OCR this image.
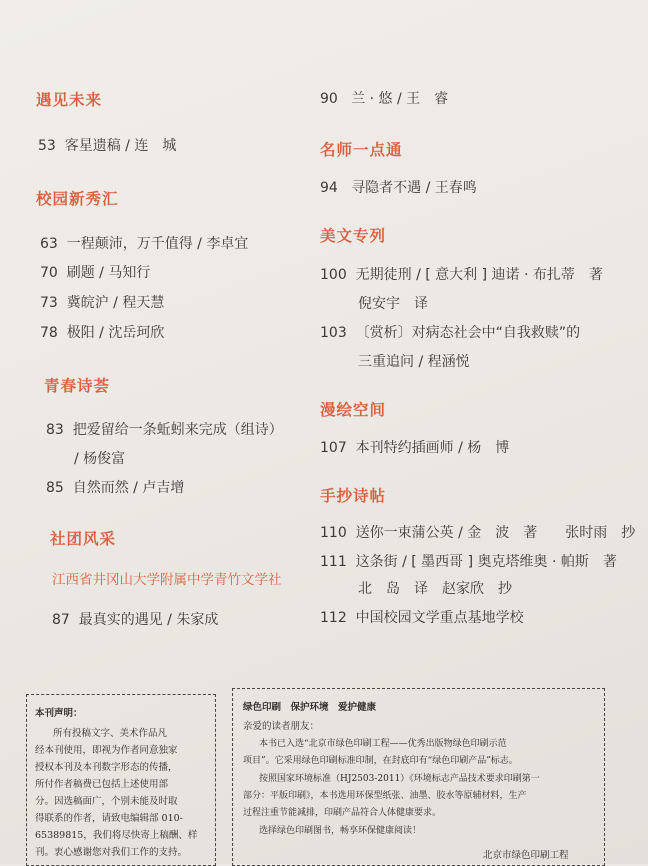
遇见未来
53 客星遗稿 / 连　城
校园新秀汇
63 一程颠沛，万千值得 / 李卓宜
70 刷题 / 马知行
73 冀皖沪 / 程天慧
78 极阳 / 沈岳珂欣
青春诗荟
83 把爱留给一条蚯蚓来完成（组诗）
/ 杨俊富
85 自然而然 / 卢吉增
社团风采
江西省井冈山大学附属中学青竹文学社
87 最真实的遇见 / 朱家成
90 兰 · 悠 / 王　睿
名师一点通
94 寻隐者不遇 / 王春鸣
美文专列
100 无期徒刑 / [ 意大利 ] 迪诺 · 布扎蒂　著
倪安宇　译
103 〔赏析〕对病态社会中“自我救赎”的
三重追问 / 程涵悦
漫绘空间
107 本刊特约插画师 / 杨　博
手抄诗帖
110 送你一束蒲公英 / 金　波　著　　张时雨　抄
111 这条街 / [ 墨西哥 ] 奥克塔维奥 · 帕斯　著
北　岛　译　赵家欣　抄
112 中国校园文学重点基地学校
本刊声明：
所有投稿文字、美术作品凡
经本刊使用，即视为作者同意独家
授权本刊及本刊数字形态的传播，
所付作者稿费已包括上述使用部
分。因选稿面广，个别未能及时取
得联系的作者，请致电编辑部 010-
65389815，我们将尽快寄上稿酬、样
刊。衷心感谢您对我们工作的支持。
绿色印刷　保护环境　爱护健康
亲爱的读者朋友：
本书已入选“北京市绿色印刷工程——优秀出版物绿色印刷示范
项目”。它采用绿色印刷标准印制，在封底印有“绿色印刷产品”标志。
按照国家环境标准（HJ2503-2011）《环境标志产品技术要求印刷第一
部分：平版印刷》，本书选用环保型纸张、油墨、胶水等原辅材料，生产
过程注重节能减排，印刷产品符合人体健康要求。
选择绿色印刷图书，畅享环保健康阅读！
北京市绿色印刷工程
